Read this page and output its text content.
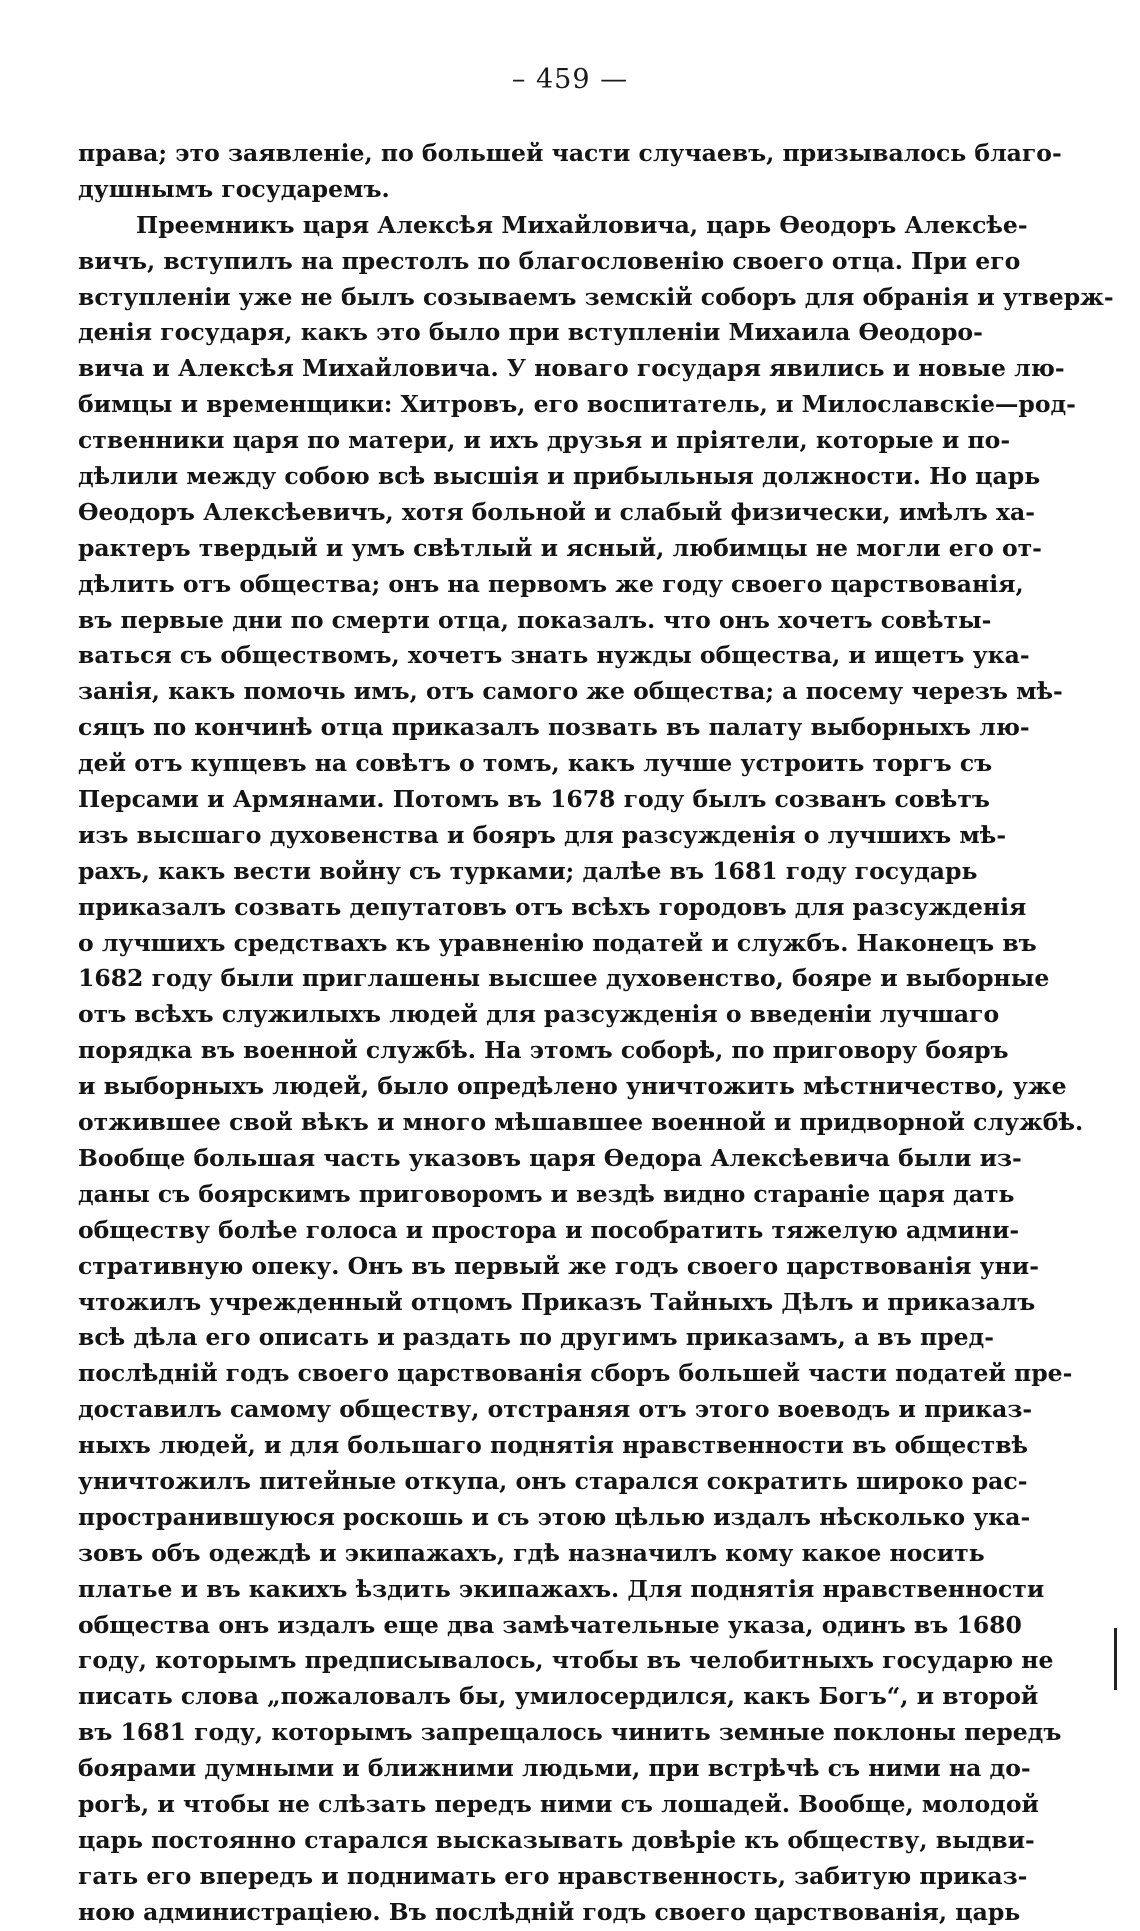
– 459 —
права; это заявленіе, по большей части случаевъ, призывалось благо-
душнымъ государемъ.
Преемникъ царя Алексѣя Михайловича, царь Ѳеодоръ Алексѣе-
вичъ, вступилъ на престолъ по благословенію своего отца. При его
вступленіи уже не былъ созываемъ земскій соборъ для обранія и утверж-
денія государя, какъ это было при вступленіи Михаила Ѳеодоро-
вича и Алексѣя Михайловича. У новаго государя явились и новые лю-
бимцы и временщики: Хитровъ, его воспитатель, и Милославскіе—род-
ственники царя по матери, и ихъ друзья и пріятели, которые и по-
дѣлили между собою всѣ высшія и прибыльныя должности. Но царь
Ѳеодоръ Алексѣевичъ, хотя больной и слабый физически, имѣлъ ха-
рактеръ твердый и умъ свѣтлый и ясный, любимцы не могли его от-
дѣлить отъ общества; онъ на первомъ же году своего царствованія,
въ первые дни по смерти отца, показалъ. что онъ хочетъ совѣты-
ваться съ обществомъ, хочетъ знать нужды общества, и ищетъ ука-
занія, какъ помочь имъ, отъ самого же общества; а посему черезъ мѣ-
сяцъ по кончинѣ отца приказалъ позвать въ палату выборныхъ лю-
дей отъ купцевъ на совѣтъ о томъ, какъ лучше устроить торгъ съ
Персами и Армянами. Потомъ въ 1678 году былъ созванъ совѣтъ
изъ высшаго духовенства и бояръ для разсужденія о лучшихъ мѣ-
рахъ, какъ вести войну съ турками; далѣе въ 1681 году государь
приказалъ созвать депутатовъ отъ всѣхъ городовъ для разсужденія
о лучшихъ средствахъ къ уравненію податей и службъ. Наконецъ въ
1682 году были приглашены высшее духовенство, бояре и выборные
отъ всѣхъ служилыхъ людей для разсужденія о введеніи лучшаго
порядка въ военной службѣ. На этомъ соборѣ, по приговору бояръ
и выборныхъ людей, было опредѣлено уничтожить мѣстничество, уже
отжившее свой вѣкъ и много мѣшавшее военной и придворной службѣ.
Вообще большая часть указовъ царя Ѳедора Алексѣевича были из-
даны съ боярскимъ приговоромъ и вездѣ видно стараніе царя дать
обществу болѣе голоса и простора и пособратить тяжелую админи-
стративную опеку. Онъ въ первый же годъ своего царствованія уни-
чтожилъ учрежденный отцомъ Приказъ Тайныхъ Дѣлъ и приказалъ
всѣ дѣла его описать и раздать по другимъ приказамъ, а въ пред-
послѣдній годъ своего царствованія сборъ большей части податей пре-
доставилъ самому обществу, отстраняя отъ этого воеводъ и приказ-
ныхъ людей, и для большаго поднятія нравственности въ обществѣ
уничтожилъ питейные откупа, онъ старался сократить широко рас-
пространившуюся роскошь и съ этою цѣлью издалъ нѣсколько ука-
зовъ объ одеждѣ и экипажахъ, гдѣ назначилъ кому какое носить
платье и въ какихъ ѣздить экипажахъ. Для поднятія нравственности
общества онъ издалъ еще два замѣчательные указа, одинъ въ 1680
году, которымъ предписывалось, чтобы въ челобитныхъ государю не
писать слова „пожаловалъ бы, умилосердился, какъ Богъ“, и второй
въ 1681 году, которымъ запрещалось чинить земные поклоны передъ
боярами думными и ближними людьми, при встрѣчѣ съ ними на до-
рогѣ, и чтобы не слѣзать передъ ними съ лошадей. Вообще, молодой
царь постоянно старался высказывать довѣріе къ обществу, выдви-
гать его впередъ и поднимать его нравственность, забитую приказ-
ною администраціею. Въ послѣдній годъ своего царствованія, царь
